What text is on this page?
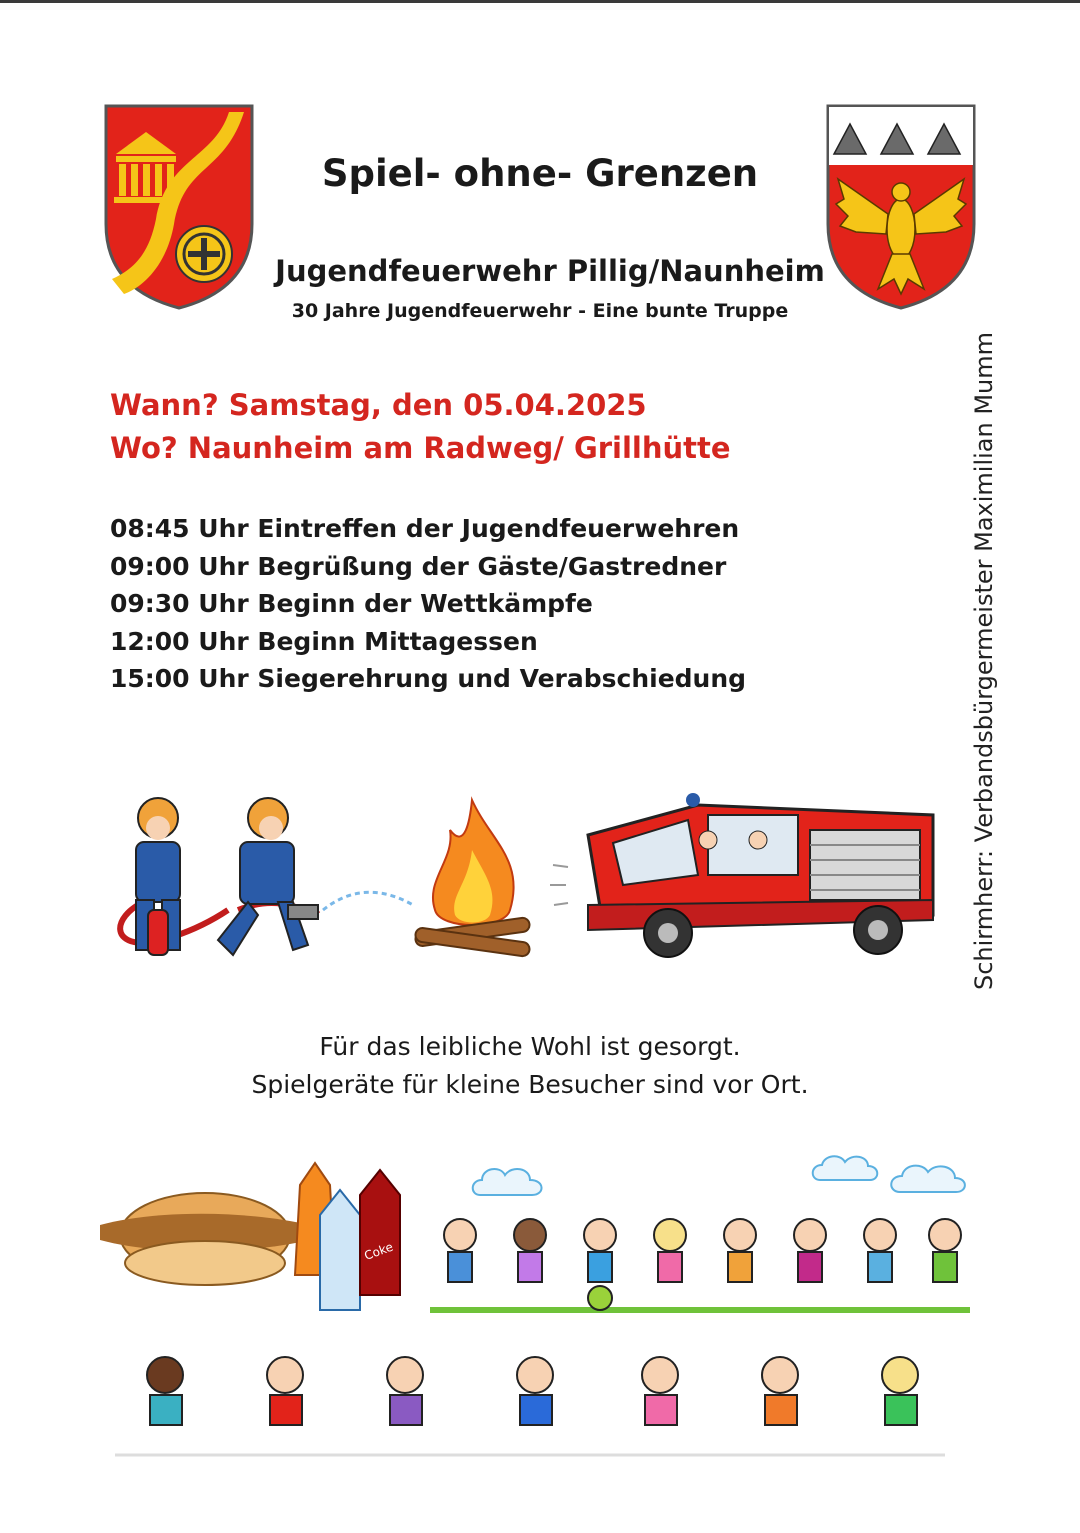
Spiel- ohne- Grenzen
Jugendfeuerwehr Pillig/Naunheim
30 Jahre Jugendfeuerwehr - Eine bunte Truppe
Wann? Samstag, den 05.04.2025
Wo? Naunheim am Radweg/ Grillhütte
08:45 Uhr Eintreffen der Jugendfeuerwehren
09:00 Uhr Begrüßung der Gäste/Gastredner
09:30 Uhr Beginn der Wettkämpfe
12:00 Uhr Beginn Mittagessen
15:00 Uhr Siegerehrung und Verabschiedung	Schirmherr: Verbandsbürgermeister Maximilian Mumm
Für das leibliche Wohl ist gesorgt.
Spielgeräte für kleine Besucher sind vor Ort.
Coke
